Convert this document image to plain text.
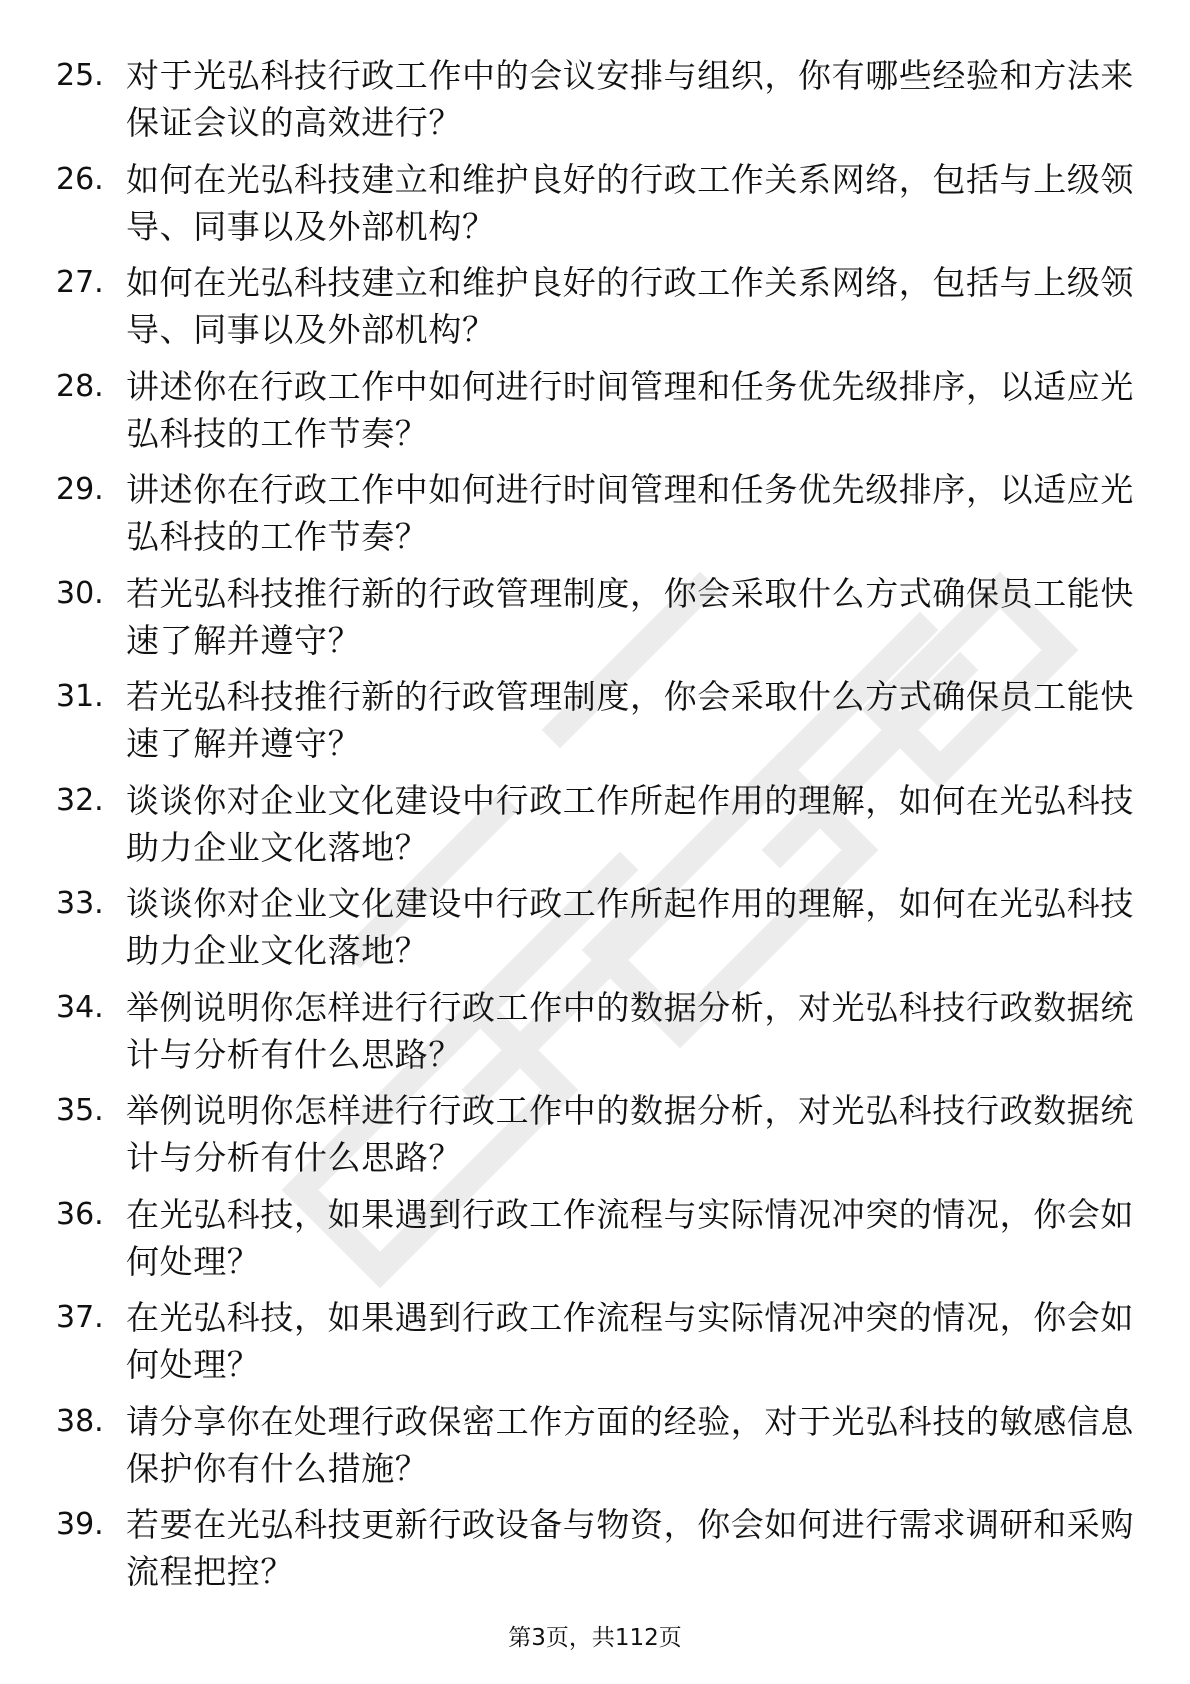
25. 对于光弘科技行政工作中的会议安排与组织，你有哪些经验和方法来保证会议的高效进行？
26. 如何在光弘科技建立和维护良好的行政工作关系网络，包括与上级领导、同事以及外部机构？
27. 如何在光弘科技建立和维护良好的行政工作关系网络，包括与上级领导、同事以及外部机构？
28. 讲述你在行政工作中如何进行时间管理和任务优先级排序，以适应光弘科技的工作节奏？
29. 讲述你在行政工作中如何进行时间管理和任务优先级排序，以适应光弘科技的工作节奏？
30. 若光弘科技推行新的行政管理制度，你会采取什么方式确保员工能快速了解并遵守？
31. 若光弘科技推行新的行政管理制度，你会采取什么方式确保员工能快速了解并遵守？
32. 谈谈你对企业文化建设中行政工作所起作用的理解，如何在光弘科技助力企业文化落地？
33. 谈谈你对企业文化建设中行政工作所起作用的理解，如何在光弘科技助力企业文化落地？
34. 举例说明你怎样进行行政工作中的数据分析，对光弘科技行政数据统计与分析有什么思路？
35. 举例说明你怎样进行行政工作中的数据分析，对光弘科技行政数据统计与分析有什么思路？
36. 在光弘科技，如果遇到行政工作流程与实际情况冲突的情况，你会如何处理？
37. 在光弘科技，如果遇到行政工作流程与实际情况冲突的情况，你会如何处理？
38. 请分享你在处理行政保密工作方面的经验，对于光弘科技的敏感信息保护你有什么措施？
39. 若要在光弘科技更新行政设备与物资，你会如何进行需求调研和采购流程把控？
第3页，共112页
